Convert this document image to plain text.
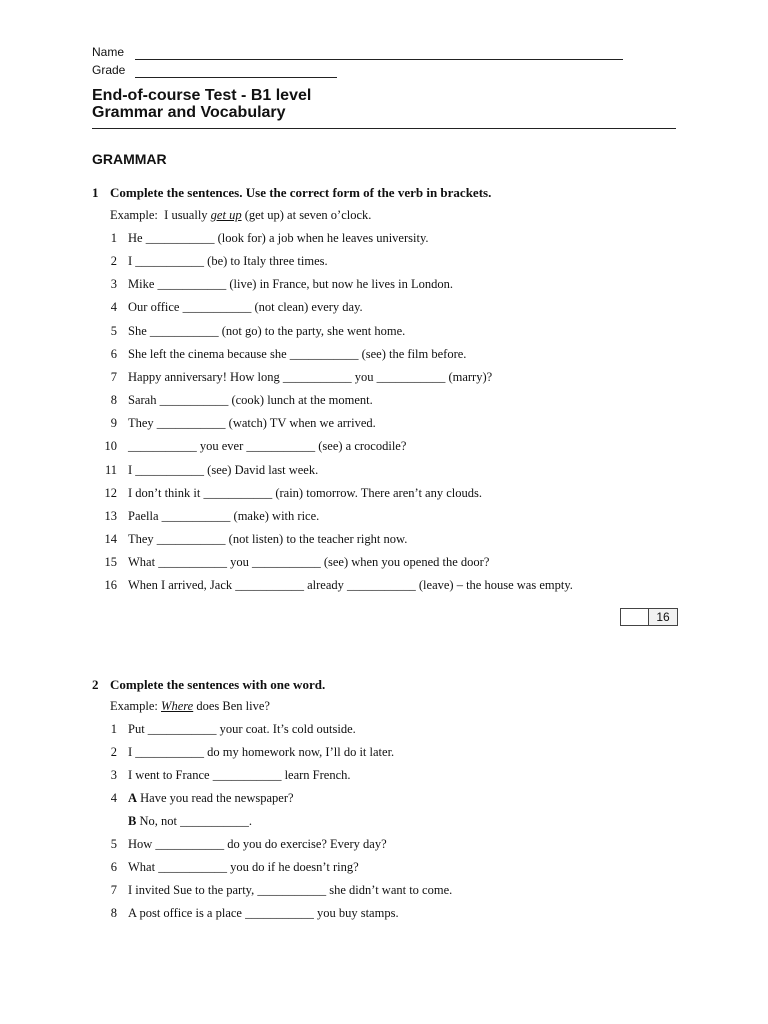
Name
Grade
End-of-course Test - B1 level
Grammar and Vocabulary
GRAMMAR
1 Complete the sentences. Use the correct form of the verb in brackets.
Example:  I usually get up (get up) at seven o’clock.
1 He ___________ (look for) a job when he leaves university.
2 I ___________ (be) to Italy three times.
3 Mike ___________ (live) in France, but now he lives in London.
4 Our office ___________ (not clean) every day.
5 She ___________ (not go) to the party, she went home.
6 She left the cinema because she ___________ (see) the film before.
7 Happy anniversary! How long ___________ you ___________ (marry)?
8 Sarah ___________ (cook) lunch at the moment.
9 They ___________ (watch) TV when we arrived.
10 ___________ you ever ___________ (see) a crocodile?
11 I ___________ (see) David last week.
12 I don’t think it ___________ (rain) tomorrow. There aren’t any clouds.
13 Paella ___________ (make) with rice.
14 They ___________ (not listen) to the teacher right now.
15 What ___________ you ___________ (see) when you opened the door?
16 When I arrived, Jack ___________ already ___________ (leave) – the house was empty.
16
2 Complete the sentences with one word.
Example: Where does Ben live?
1 Put ___________ your coat. It’s cold outside.
2 I ___________ do my homework now, I’ll do it later.
3 I went to France ___________ learn French.
4 A Have you read the newspaper?
B No, not ___________.
5 How ___________ do you do exercise? Every day?
6 What ___________ you do if he doesn’t ring?
7 I invited Sue to the party, ___________ she didn’t want to come.
8 A post office is a place ___________ you buy stamps.
